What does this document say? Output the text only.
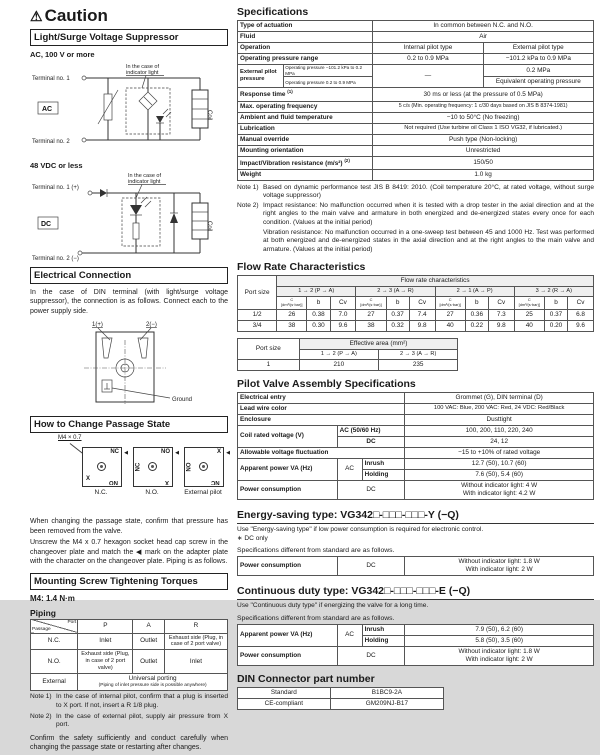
⚠ Caution
Light/Surge Voltage Suppressor
AC, 100 V or more
Terminal no. 1
In the case of
indicator light
AC
Coil
Terminal no. 2
48 VDC or less
Terminal no. 1 (+)
In the case of
indicator light
DC	Coil
Terminal no. 2 (−)
Electrical Connection
In the case of DIN terminal (with light/surge voltage suppressor), the connection is as follows. Connect each to the power supply side.
1(+)	2(−)
Ground
How to Change Passage State
M4 × 0.7
NC ◀
X	NO
N.C.
NO ◀
NC
X
N.O.
X ◀
NO
NC
External pilot
When changing the passage state, confirm that pressure has been removed from the valve.
Unscrew the M4 x 0.7 hexagon socket head cap screw in the changeover plate and match the ◀ mark on the adapter plate with the character on the changeover plate. Piping is as follows.
Mounting Screw Tightening Torques
M4: 1.4 N·m
Piping
Port
Passage	P	A	R
N.C.	Inlet	Outlet	Exhaust side (Plug, in case of 2 port valve)
N.O.	Exhaust side (Plug, in case of 2 port valve)	Outlet	Inlet
External	Universal porting
(Piping of inlet pressure side is possible anywhere)		
Note 1) In the case of internal pilot, confirm that a plug is inserted to X port. If not, insert a R 1/8 plug.
Note 2) In the case of external pilot, supply air pressure from X port.
Confirm the safety sufficiently and conduct carefully when changing the passage state or restarting after changes.
Specifications
Type of actuation		In common between N.C. and N.O.	
Fluid		Air	
Operation		Internal pilot type	External pilot type
Operating pressure range		0.2 to 0.9 MPa	−101.2 kPa to 0.9 MPa

External pilot
pressure	Operating pressure −101.2 kPa to 0.2 MPa	—	0.2 MPa
	Operating pressure 0.2 to 0.9 MPa		Equivalent operating pressure
Response time $^{(1)}$		30 ms or less (at the pressure of 0.5 MPa)	
Max. operating frequency		5 c/s (Min. operating frequency: 1 c/30 days based on JIS B 8374-1981)	
Ambient and fluid temperature		−10 to 50°C (No freezing)	
Lubrication		Not required (Use turbine oil Class 1 ISO VG32, if lubricated.)	
Manual override		Push type (Non-locking)	
Mounting orientation		Unrestricted	
Impact/Vibration resistance (m/s²) $^{(2)}$		150/50	
Weight		1.0 kg	
Note 1) Based on dynamic performance test JIS B 8419: 2010. (Coil temperature 20°C, at rated voltage, without surge voltage suppressor)
Note 2) Impact resistance: No malfunction occurred when it is tested with a drop tester in the axial direction and at the right angles to the main valve and armature in both energized and de-energized states every once for each condition. (Values at the initial period)
Vibration resistance: No malfunction occurred in a one-sweep test between 45 and 1000 Hz. Test was performed at both energized and de-energized states in the axial direction and at the right angles to the main valve and armature. (Values at the initial period)
Flow Rate Characteristics
Port size	Flow rate characteristics											
	1 → 2 (P → A)			2 → 3 (A → R)			2 → 1 (A → P)			3 → 2 (R → A)		
	C [dm³/(s·bar)]	b	Cv	C [dm³/(s·bar)]	b	Cv	C [dm³/(s·bar)]	b	Cv	C [dm³/(s·bar)]	b	Cv
1/2	26	0.38	7.0	27	0.37	7.4	27	0.36	7.3	25	0.37	6.8
3/4	38	0.30	9.6	38	0.32	9.8	40	0.22	9.8	40	0.20	9.6
Port size	Effective area (mm²)	
	1 → 2 (P → A)	2 → 3 (A → R)
1	210	235
Pilot Valve Assembly Specifications
Electrical entry			Grommet (G), DIN terminal (D)
Lead wire color			100 VAC: Blue, 200 VAC: Red, 24 VDC: Red/Black
Enclosure			Dusttight
Coil rated voltage (V)	AC (50/60 Hz)		100, 200, 110, 220, 240
	DC		24, 12
Allowable voltage fluctuation			−15 to +10% of rated voltage
Apparent power VA (Hz)	AC	Inrush	12.7 (50), 10.7 (60)
		Holding	7.6 (50), 5.4 (60)
Power consumption	DC		Without indicator light: 4 W
With indicator light: 4.2 W
Energy-saving type: VG342□-□□□-□□□-Y (−Q)
Use "Energy-saving type" if low power consumption is required for electronic control.
∗ DC only
Specifications different from standard are as follows.
Power consumption	DC	
Without indicator light: 1.8 W
With indicator light: 2 W
Continuous duty type: VG342□-□□□-□□□-E (−Q)
Use "Continuous duty type" if energizing the valve for a long time.
Specifications different from standard are as follows.
Apparent power VA (Hz)	AC	Inrush	7.9 (50), 6.2 (60)
		Holding	5.8 (50), 3.5 (60)
Power consumption	DC		Without indicator light: 1.8 W
With indicator light: 2 W
DIN Connector part number
Standard	B1BC9-2A
CE-compliant	GM209NJ-B17
